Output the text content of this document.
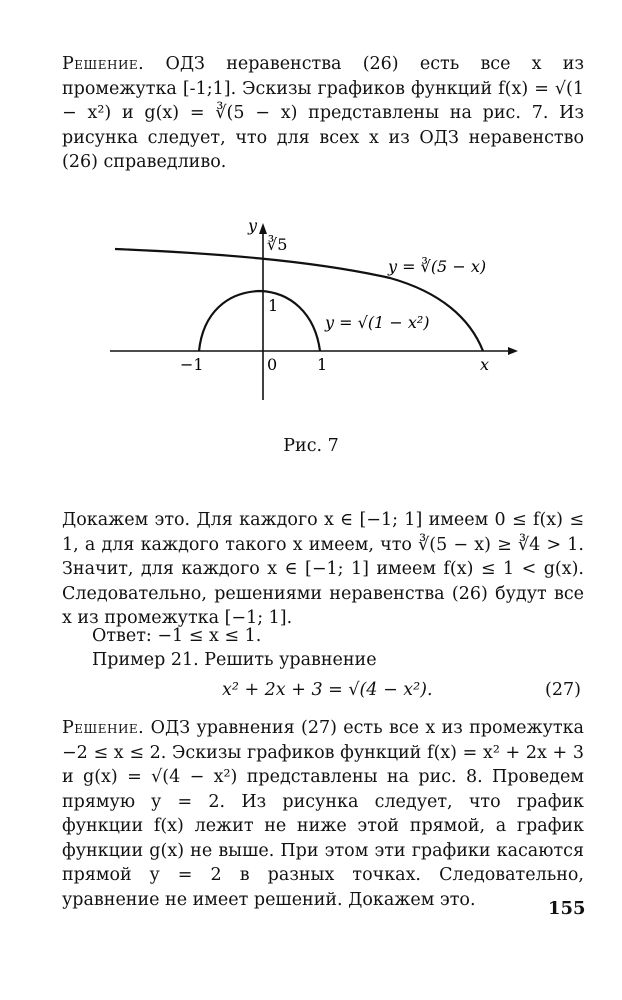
Решение. ОДЗ неравенства (26) есть все x из промежутка [-1;1]. Эскизы графиков функций f(x) = √(1 − x²) и g(x) = ∛(5 − x) представлены на рис. 7. Из рисунка следует, что для всех x из ОДЗ неравенство (26) справедливо.

y
∛5
y = ∛(5 − x)
1
y = √(1 − x²)
−1	0 1	x
Рис. 7

Докажем это. Для каждого x ∈ [−1; 1] имеем 0 ≤ f(x) ≤ 1, а для каждого такого x имеем, что ∛(5 − x) ≥ ∛4 > 1. Значит, для каждого x ∈ [−1; 1] имеем f(x) ≤ 1 < g(x). Следовательно, решениями неравенства (26) будут все x из промежутка [−1; 1].

Ответ: −1 ≤ x ≤ 1.
Пример 21. Решить уравнение
x² + 2x + 3 = √(4 − x²).	(27)

Решение. ОДЗ уравнения (27) есть все x из промежутка −2 ≤ x ≤ 2. Эскизы графиков функций f(x) = x² + 2x + 3 и g(x) = √(4 − x²) представлены на рис. 8. Проведем прямую y = 2. Из рисунка следует, что график функции f(x) лежит не ниже этой прямой, а график функции g(x) не выше. При этом эти графики касаются прямой y = 2 в разных точках. Следовательно, уравнение не имеет решений. Докажем это.	155
